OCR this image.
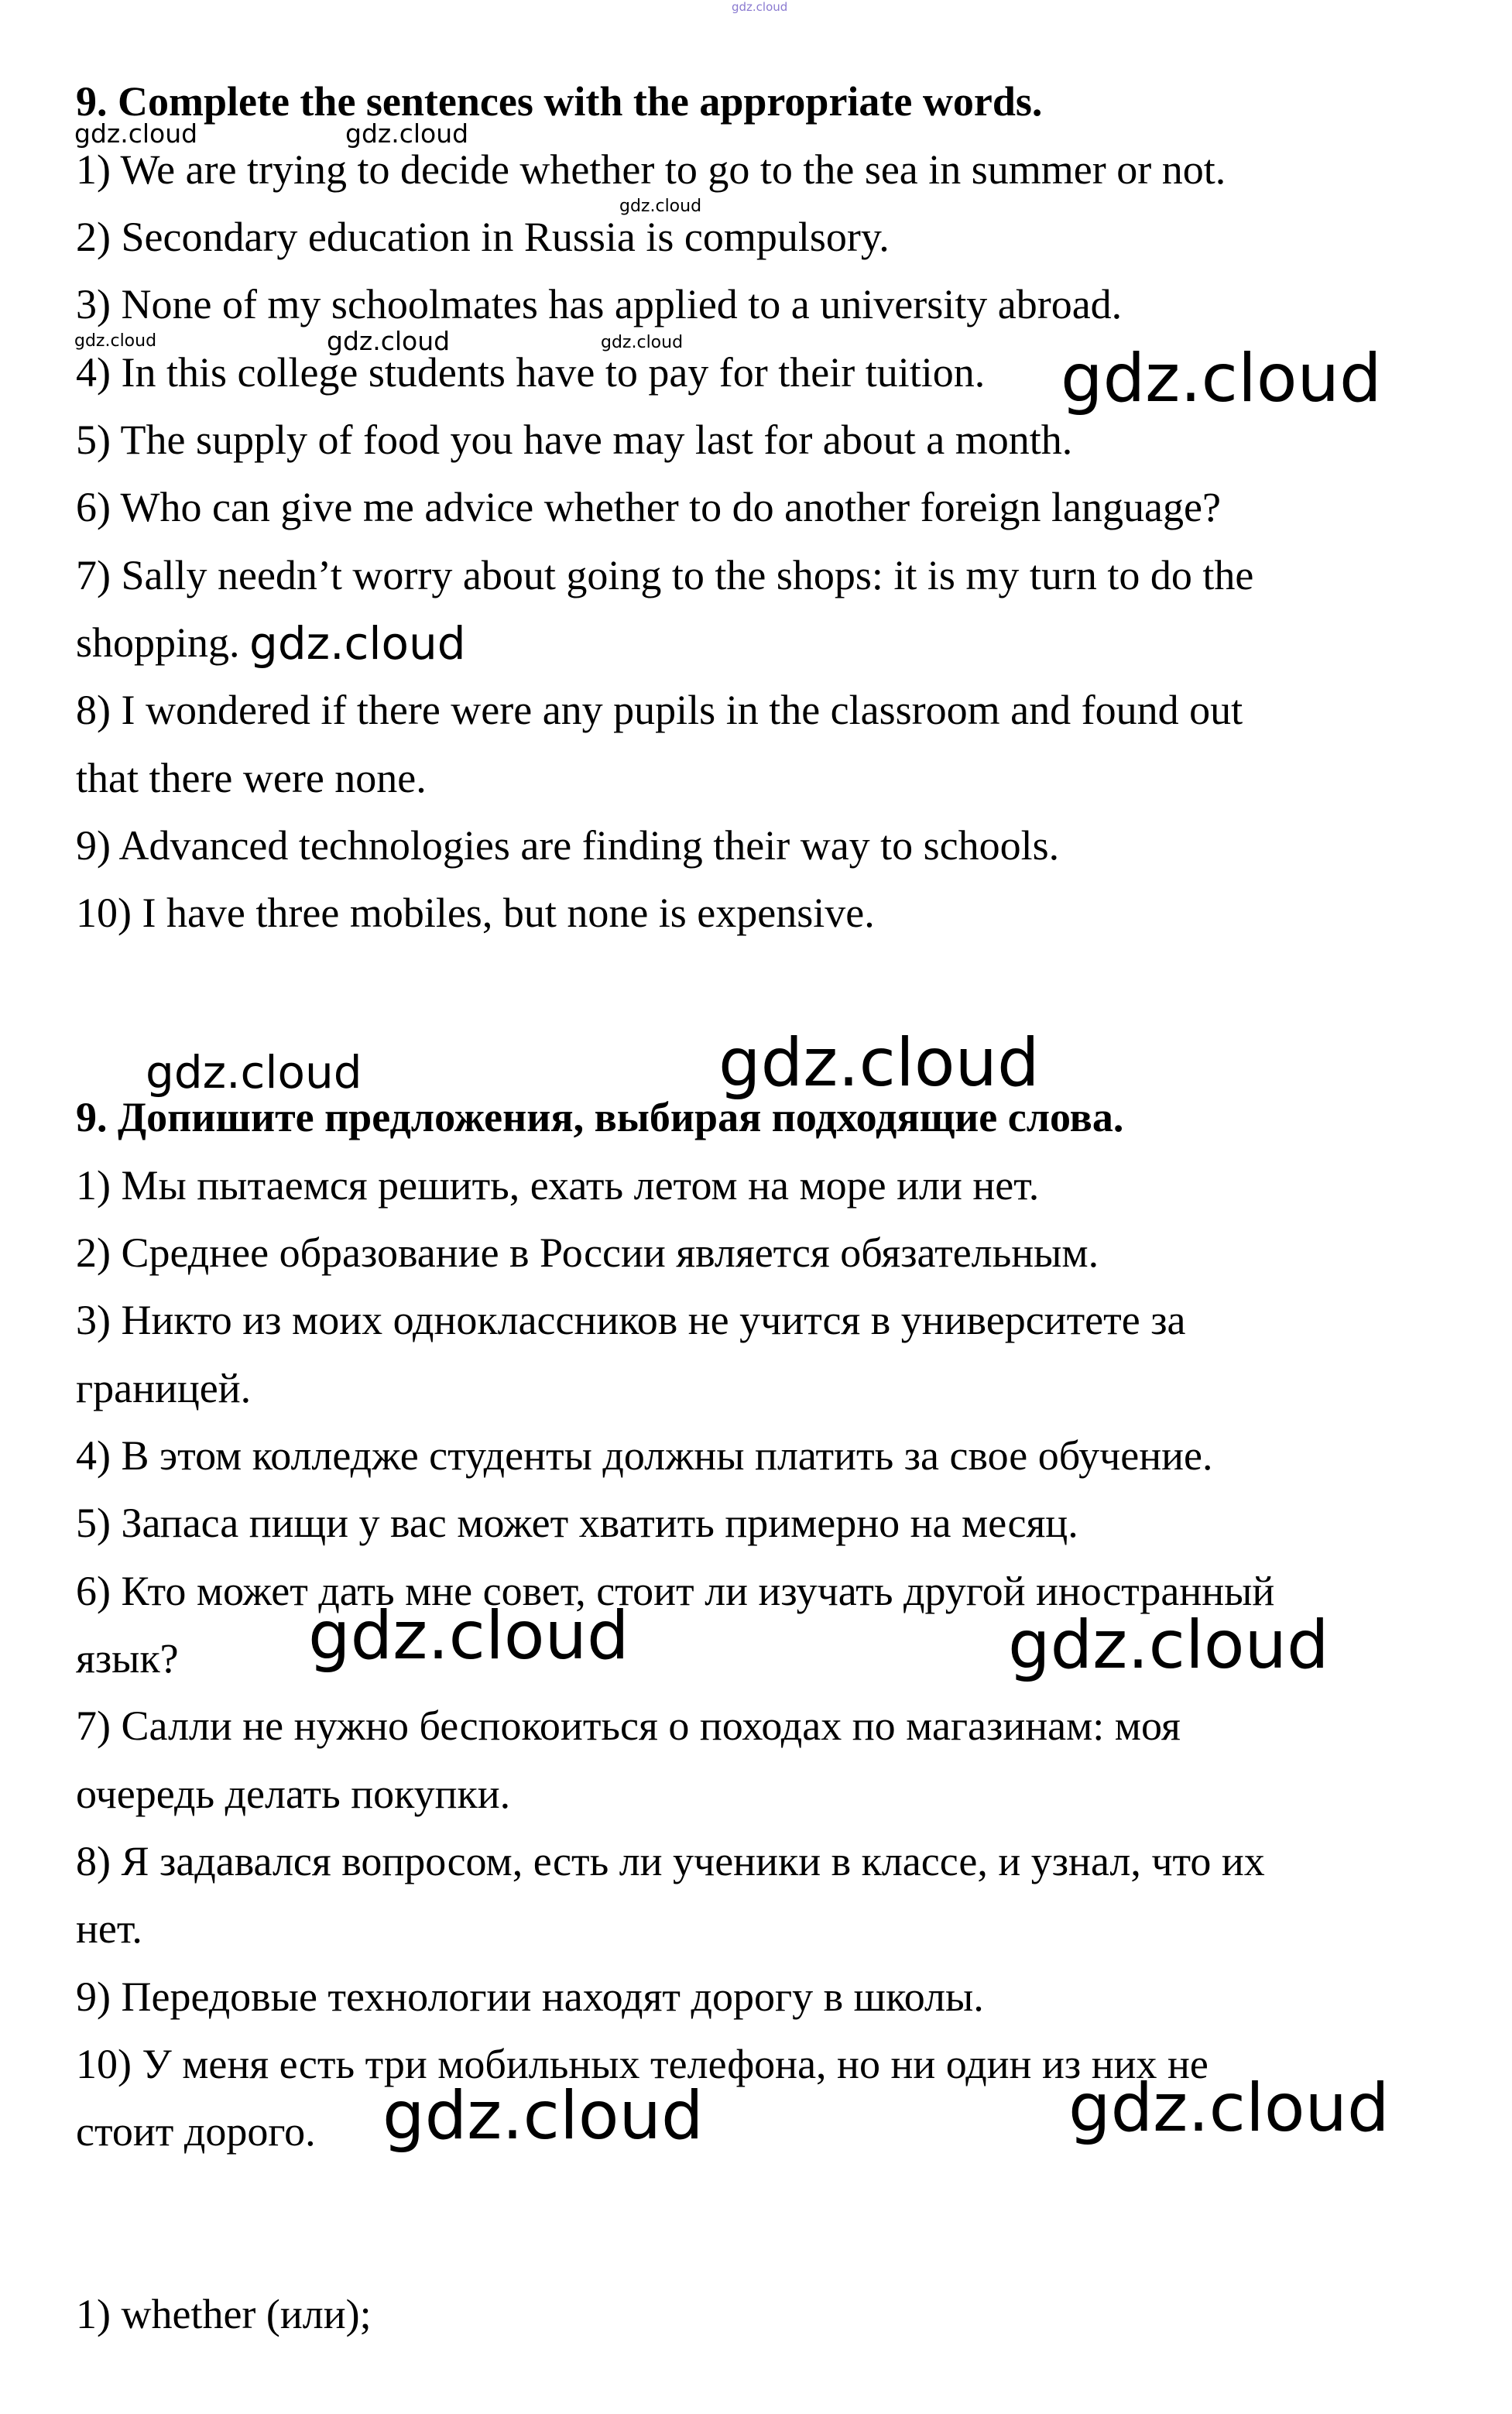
gdz.cloud

9. Complete the sentences with the appropriate words.

1) We are trying to decide whether to go to the sea in summer or not.

2) Secondary education in Russia is compulsory.

3) None of my schoolmates has applied to a university abroad.

4) In this college students have to pay for their tuition.

5) The supply of food you have may last for about a month.

6) Who can give me advice whether to do another foreign language?

7) Sally needn’t worry about going to the shops: it is my turn to do the

shopping.

8) I wondered if there were any pupils in the classroom and found out

that there were none.

9) Advanced technologies are finding their way to schools.

10) I have three mobiles, but none is expensive.

9. Допишите предложения, выбирая подходящие слова.

1) Мы пытаемся решить, ехать летом на море или нет.

2) Среднее образование в России является обязательным.

3) Никто из моих одноклассников не учится в университете за

границей.

4) В этом колледже студенты должны платить за свое обучение.

5) Запаса пищи у вас может хватить примерно на месяц.

6) Кто может дать мне совет, стоит ли изучать другой иностранный

язык?

7) Салли не нужно беспокоиться о походах по магазинам: моя

очередь делать покупки.

8) Я задавался вопросом, есть ли ученики в классе, и узнал, что их

нет.

9) Передовые технологии находят дорогу в школы.

10) У меня есть три мобильных телефона, но ни один из них не

стоит дорого.

1) whether (или);

gdz.cloud	gdz.cloud
gdz.cloud
gdz.cloud	gdz.cloud	gdz.cloud	gdz.cloud
gdz.cloud
gdz.cloud	gdz.cloud
gdz.cloud	gdz.cloud
gdz.cloud	gdz.cloud
